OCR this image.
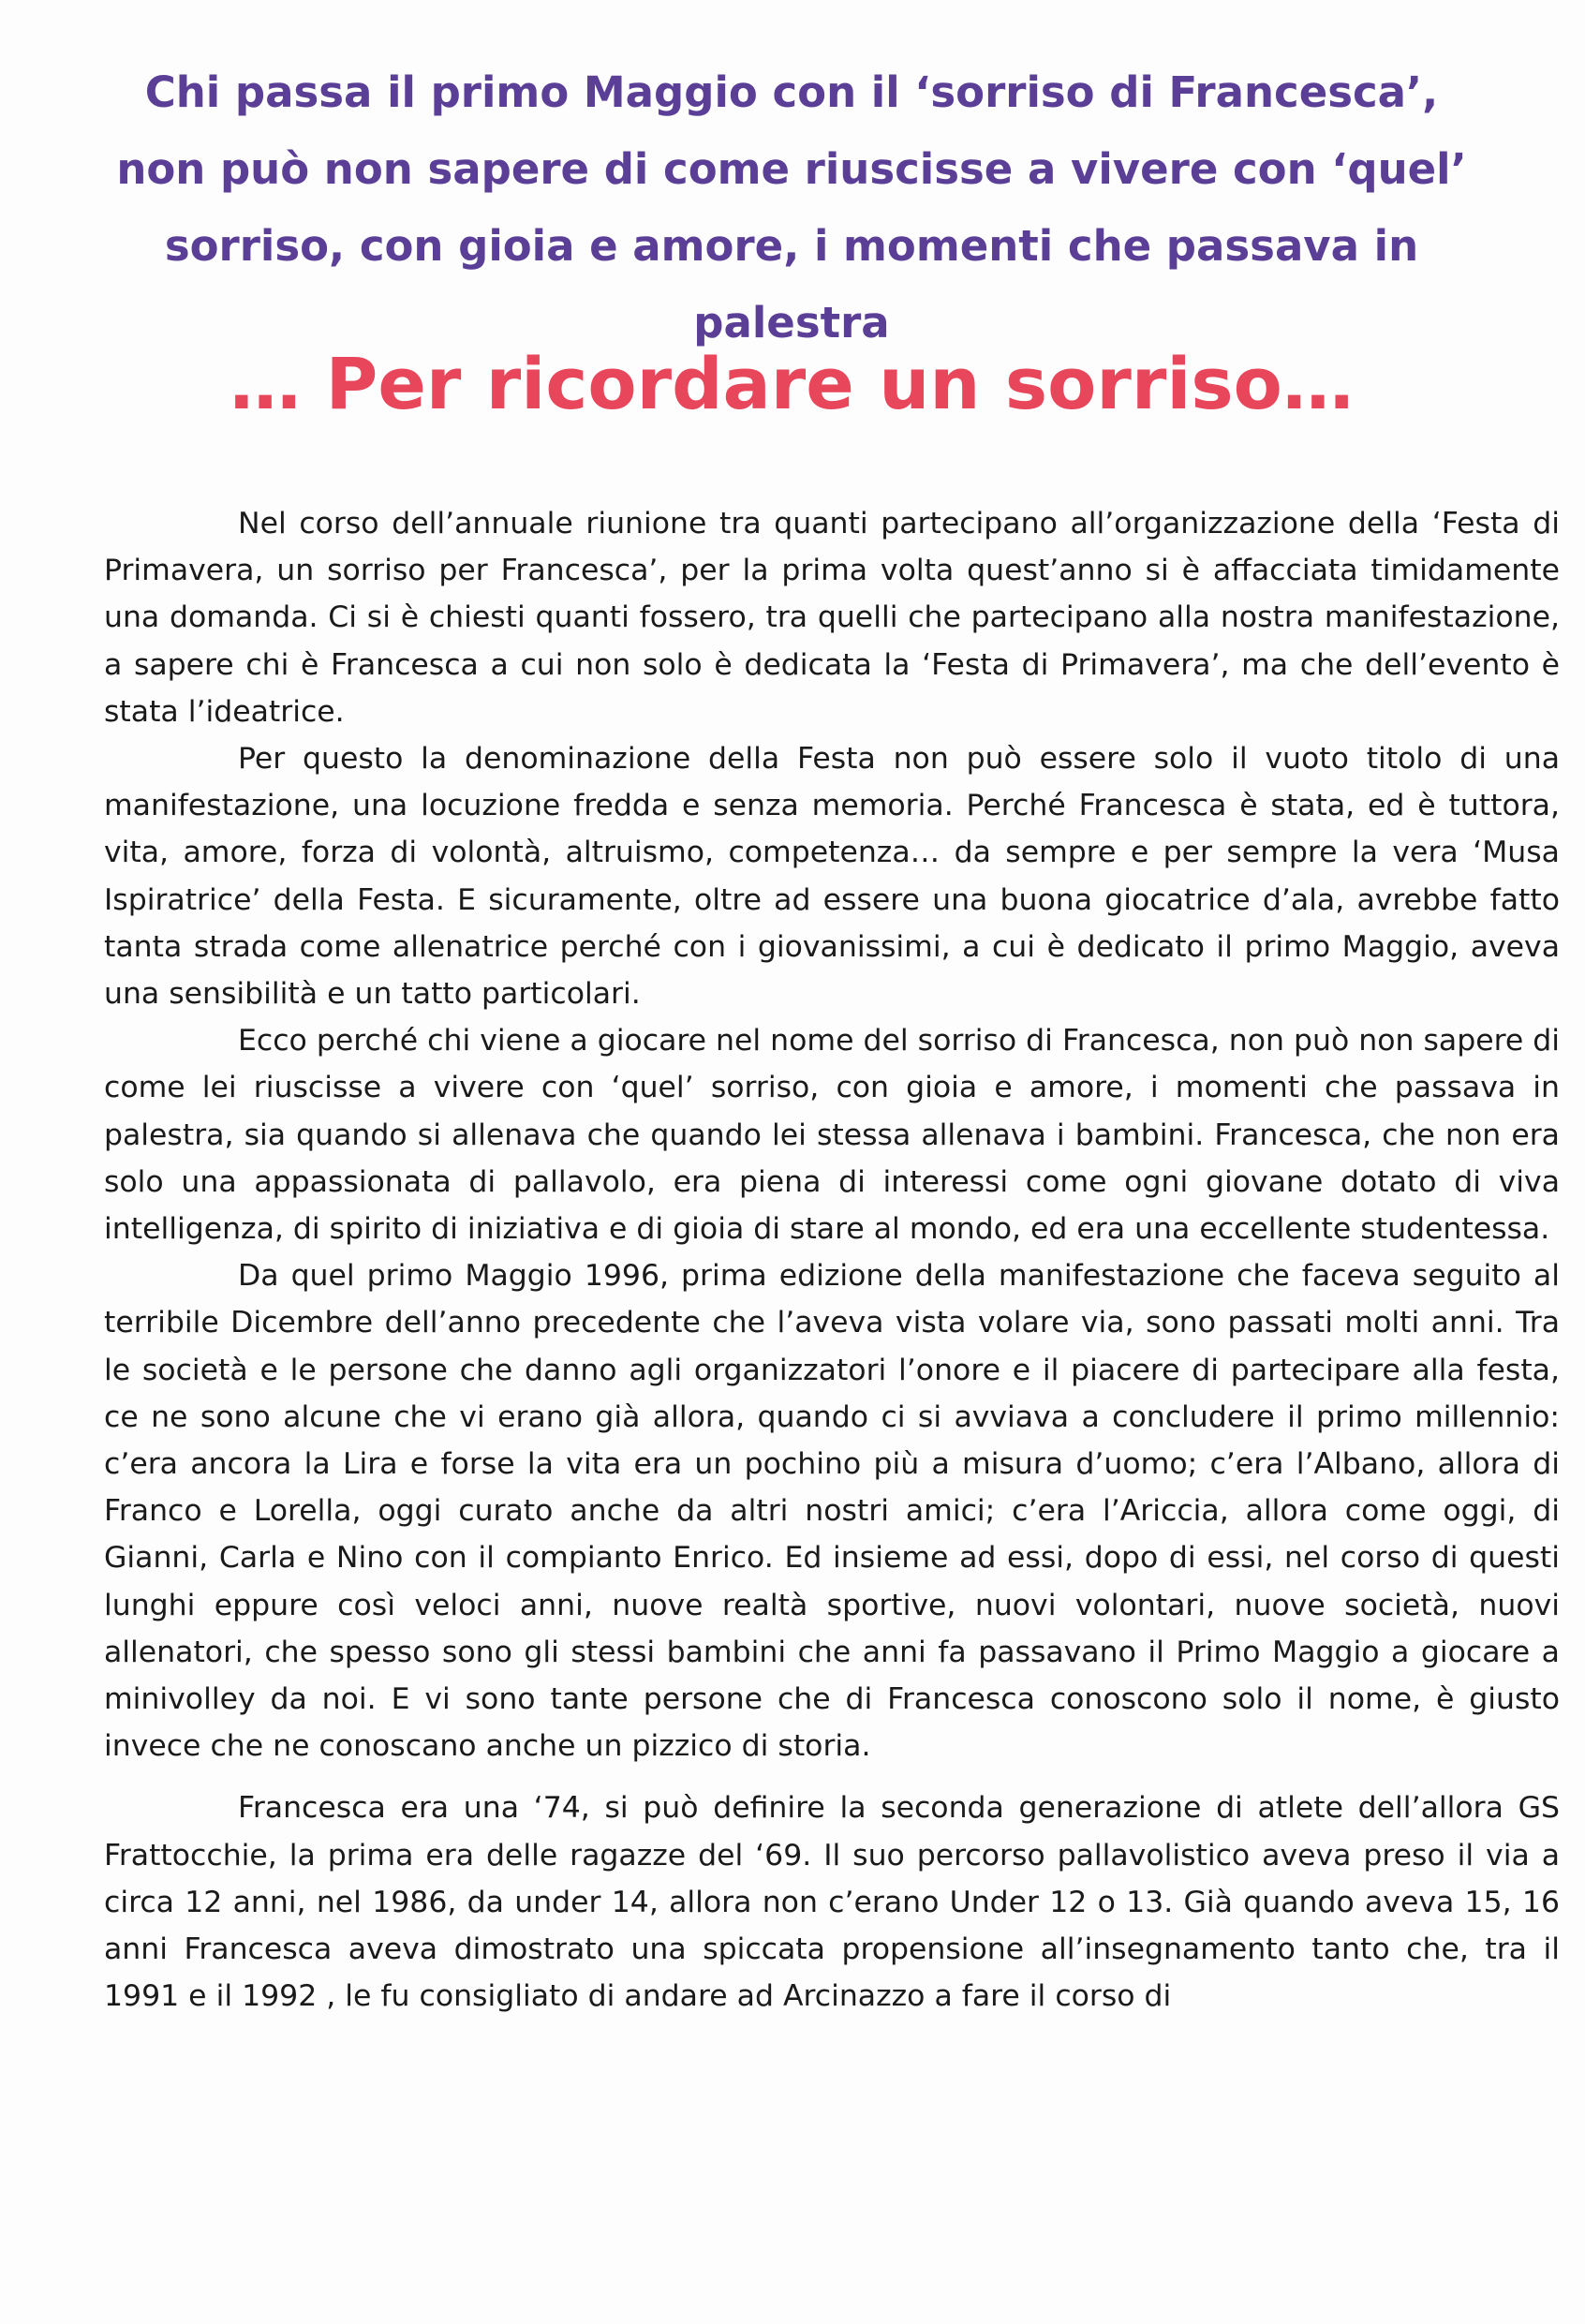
Chi passa il primo Maggio con il ‘sorriso di Francesca’, non può non sapere di come riuscisse a vivere con ‘quel’ sorriso, con gioia e amore, i momenti che passava in palestra
… Per ricordare un sorriso…

Nel corso dell’annuale riunione tra quanti partecipano all’organizzazione della ‘Festa di Primavera, un sorriso per Francesca’, per la prima volta quest’anno si è affacciata timidamente una domanda. Ci si è chiesti quanti fossero, tra quelli che partecipano alla nostra manifestazione, a sapere chi è Francesca a cui non solo è dedicata la ‘Festa di Primavera’, ma che dell’evento è stata l’ideatrice.

Per questo la denominazione della Festa non può essere solo il vuoto titolo di una manifestazione, una locuzione fredda e senza memoria. Perché Francesca è stata, ed è tuttora, vita, amore, forza di volontà, altruismo, competenza… da sempre e per sempre la vera ‘Musa Ispiratrice’ della Festa. E sicuramente, oltre ad essere una buona giocatrice d’ala, avrebbe fatto tanta strada come allenatrice perché con i giovanissimi, a cui è dedicato il primo Maggio, aveva una sensibilità e un tatto particolari.

Ecco perché chi viene a giocare nel nome del sorriso di Francesca, non può non sapere di come lei riuscisse a vivere con ‘quel’ sorriso, con gioia e amore, i momenti che passava in palestra, sia quando si allenava che quando lei stessa allenava i bambini. Francesca, che non era solo una appassionata di pallavolo, era piena di interessi come ogni giovane dotato di viva intelligenza, di spirito di iniziativa e di gioia di stare al mondo, ed era una eccellente studentessa.

Da quel primo Maggio 1996, prima edizione della manifestazione che faceva seguito al terribile Dicembre dell’anno precedente che l’aveva vista volare via, sono passati molti anni. Tra le società e le persone che danno agli organizzatori l’onore e il piacere di partecipare alla festa, ce ne sono alcune che vi erano già allora, quando ci si avviava a concludere il primo millennio: c’era ancora la Lira e forse la vita era un pochino più a misura d’uomo; c’era l’Albano, allora di Franco e Lorella, oggi curato anche da altri nostri amici; c’era l’Ariccia, allora come oggi, di Gianni, Carla e Nino con il compianto Enrico. Ed insieme ad essi, dopo di essi, nel corso di questi lunghi eppure così veloci anni, nuove realtà sportive, nuovi volontari, nuove società, nuovi allenatori, che spesso sono gli stessi bambini che anni fa passavano il Primo Maggio a giocare a minivolley da noi. E vi sono tante persone che di Francesca conoscono solo il nome, è giusto invece che ne conoscano anche un pizzico di storia.

Francesca era una ‘74, si può definire la seconda generazione di atlete dell’allora GS Frattocchie, la prima era delle ragazze del ‘69. Il suo percorso pallavolistico aveva preso il via a circa 12 anni, nel 1986, da under 14, allora non c’erano Under 12 o 13. Già quando aveva 15, 16 anni Francesca aveva dimostrato una spiccata propensione all’insegnamento tanto che, tra il 1991 e il 1992 , le fu consigliato di andare ad Arcinazzo a fare il corso di
